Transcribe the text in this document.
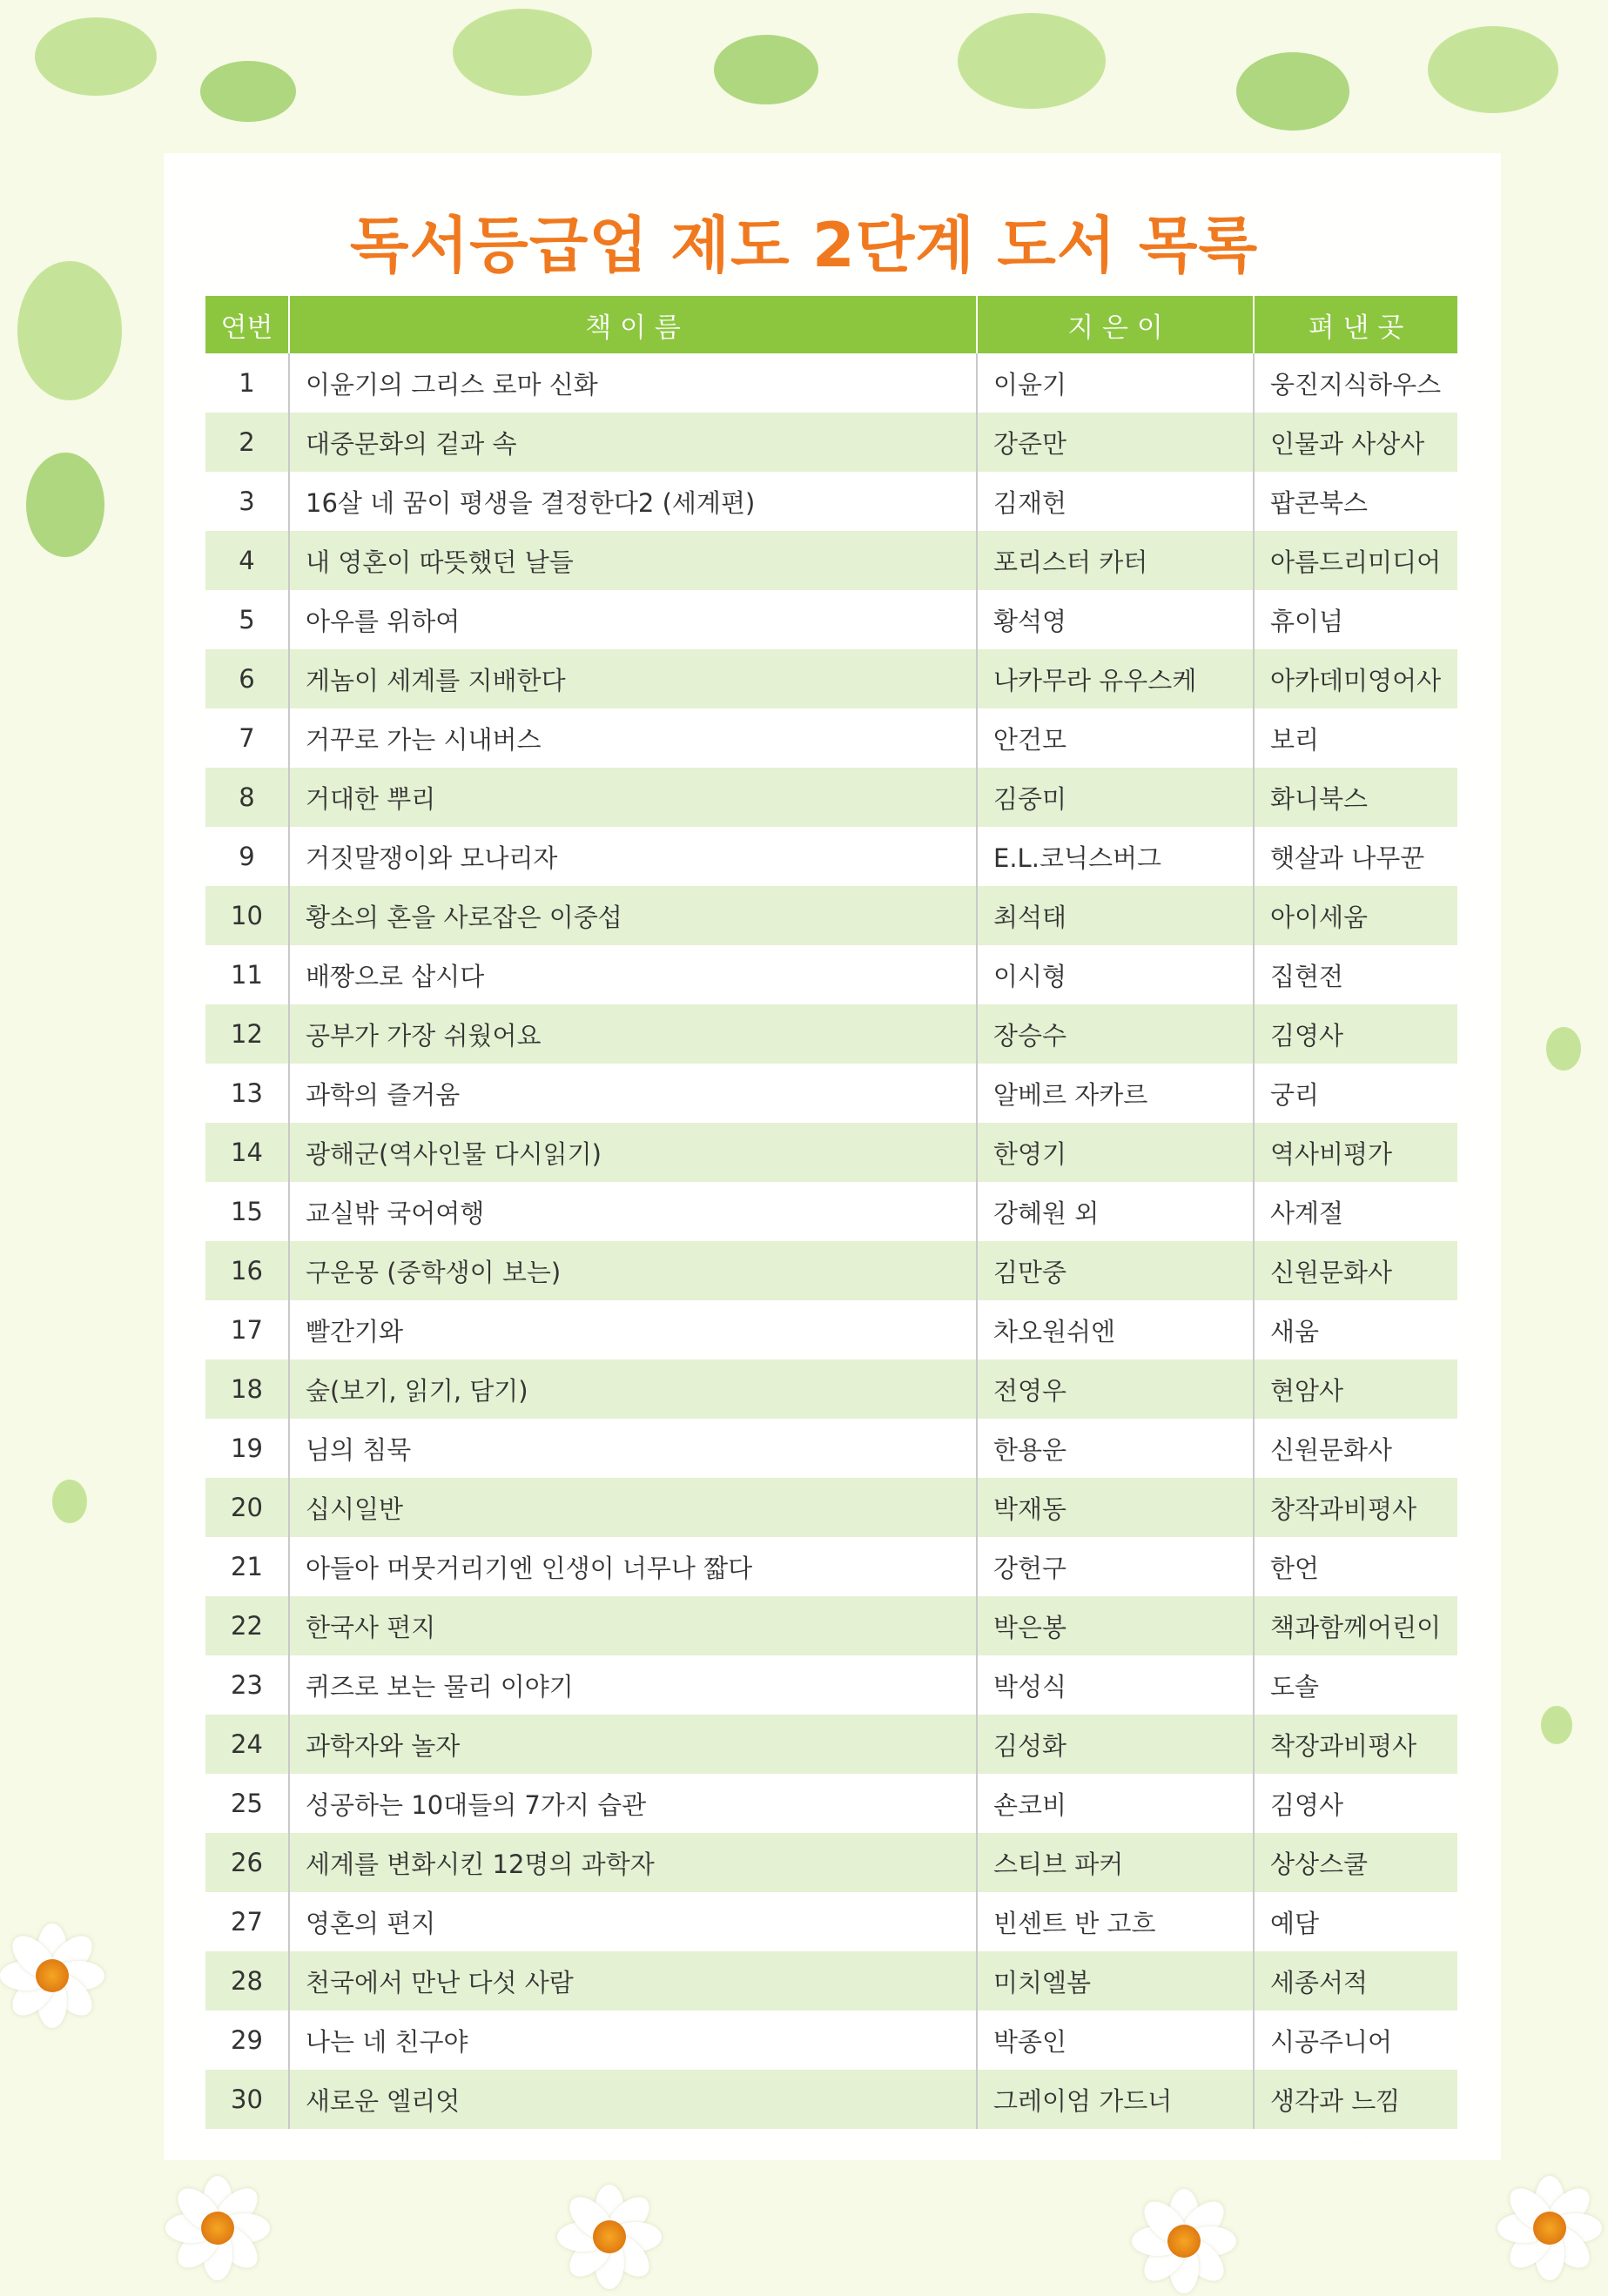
독서등급업 제도 2단계 도서 목록
연번	책 이 름	지 은 이	펴 낸 곳
1	이윤기의 그리스 로마 신화	이윤기	웅진지식하우스
2	대중문화의 겉과 속	강준만	인물과 사상사
3	16살 네 꿈이 평생을 결정한다2 (세계편)	김재헌	팝콘북스
4	내 영혼이 따뜻했던 날들	포리스터 카터	아름드리미디어
5	아우를 위하여	황석영	휴이넘
6	게놈이 세계를 지배한다	나카무라 유우스케	아카데미영어사
7	거꾸로 가는 시내버스	안건모	보리
8	거대한 뿌리	김중미	화니북스
9	거짓말쟁이와 모나리자	E.L.코닉스버그	햇살과 나무꾼
10	황소의 혼을 사로잡은 이중섭	최석태	아이세움
11	배짱으로 삽시다	이시형	집현전
12	공부가 가장 쉬웠어요	장승수	김영사
13	과학의 즐거움	알베르 자카르	궁리
14	광해군(역사인물 다시읽기)	한영기	역사비평가
15	교실밖 국어여행	강혜원 외	사계절
16	구운몽 (중학생이 보는)	김만중	신원문화사
17	빨간기와	차오원쉬엔	새움
18	숲(보기, 읽기, 담기)	전영우	현암사
19	님의 침묵	한용운	신원문화사
20	십시일반	박재동	창작과비평사
21	아들아 머뭇거리기엔 인생이 너무나 짧다	강헌구	한언
22	한국사 편지	박은봉	책과함께어린이
23	퀴즈로 보는 물리 이야기	박성식	도솔
24	과학자와 놀자	김성화	착장과비평사
25	성공하는 10대들의 7가지 습관	숀코비	김영사
26	세계를 변화시킨 12명의 과학자	스티브 파커	상상스쿨
27	영혼의 편지	빈센트 반 고흐	예담
28	천국에서 만난 다섯 사람	미치엘봄	세종서적
29	나는 네 친구야	박종인	시공주니어
30	새로운 엘리엇	그레이엄 가드너	생각과 느낌
